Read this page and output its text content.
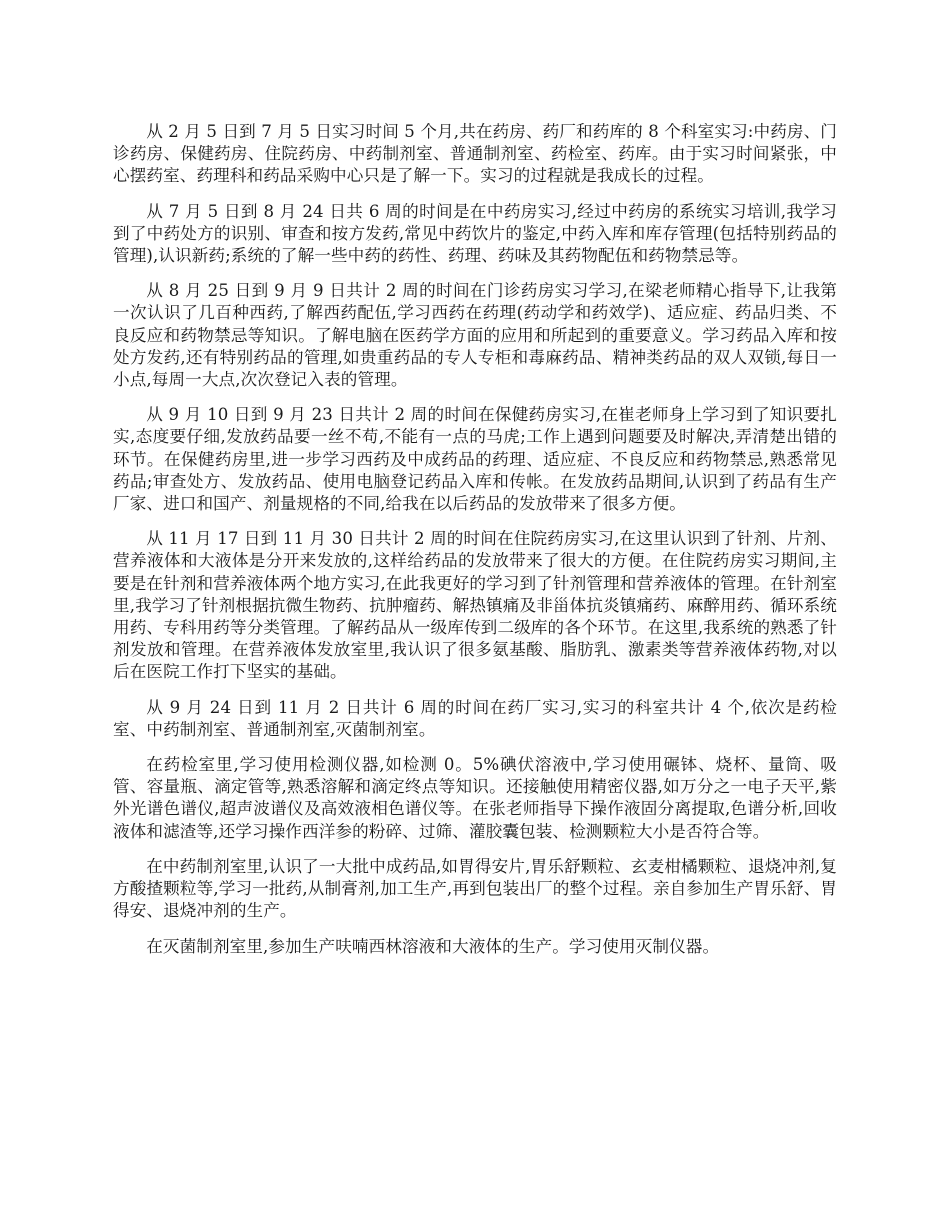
从 2 月 5 日到 7 月 5 日实习时间 5 个月,共在药房、药厂和药库的 8 个科室实习:中药房、门诊药房、保健药房、住院药房、中药制剂室、普通制剂室、药检室、药库。由于实习时间紧张，中心摆药室、药理科和药品采购中心只是了解一下。实习的过程就是我成长的过程。

从 7 月 5 日到 8 月 24 日共 6 周的时间是在中药房实习,经过中药房的系统实习培训,我学习到了中药处方的识别、审查和按方发药,常见中药饮片的鉴定,中药入库和库存管理(包括特别药品的管理),认识新药;系统的了解一些中药的药性、药理、药味及其药物配伍和药物禁忌等。

从 8 月 25 日到 9 月 9 日共计 2 周的时间在门诊药房实习学习,在梁老师精心指导下,让我第一次认识了几百种西药,了解西药配伍,学习西药在药理(药动学和药效学)、适应症、药品归类、不良反应和药物禁忌等知识。了解电脑在医药学方面的应用和所起到的重要意义。学习药品入库和按处方发药,还有特别药品的管理,如贵重药品的专人专柜和毒麻药品、精神类药品的双人双锁,每日一小点,每周一大点,次次登记入表的管理。

从 9 月 10 日到 9 月 23 日共计 2 周的时间在保健药房实习,在崔老师身上学习到了知识要扎实,态度要仔细,发放药品要一丝不苟,不能有一点的马虎;工作上遇到问题要及时解决,弄清楚出错的环节。在保健药房里,进一步学习西药及中成药品的药理、适应症、不良反应和药物禁忌,熟悉常见药品;审查处方、发放药品、使用电脑登记药品入库和传帐。在发放药品期间,认识到了药品有生产厂家、进口和国产、剂量规格的不同,给我在以后药品的发放带来了很多方便。

从 11 月 17 日到 11 月 30 日共计 2 周的时间在住院药房实习,在这里认识到了针剂、片剂、营养液体和大液体是分开来发放的,这样给药品的发放带来了很大的方便。在住院药房实习期间,主要是在针剂和营养液体两个地方实习,在此我更好的学习到了针剂管理和营养液体的管理。在针剂室里,我学习了针剂根据抗微生物药、抗肿瘤药、解热镇痛及非甾体抗炎镇痛药、麻醉用药、循环系统用药、专科用药等分类管理。了解药品从一级库传到二级库的各个环节。在这里,我系统的熟悉了针剂发放和管理。在营养液体发放室里,我认识了很多氨基酸、脂肪乳、激素类等营养液体药物,对以后在医院工作打下坚实的基础。

从 9 月 24 日到 11 月 2 日共计 6 周的时间在药厂实习,实习的科室共计 4 个,依次是药检室、中药制剂室、普通制剂室,灭菌制剂室。

在药检室里,学习使用检测仪器,如检测 0。5%碘伏溶液中,学习使用碾钵、烧杯、量筒、吸管、容量瓶、滴定管等,熟悉溶解和滴定终点等知识。还接触使用精密仪器,如万分之一电子天平,紫外光谱色谱仪,超声波谱仪及高效液相色谱仪等。在张老师指导下操作液固分离提取,色谱分析,回收液体和滤渣等,还学习操作西洋参的粉碎、过筛、灌胶囊包装、检测颗粒大小是否符合等。

在中药制剂室里,认识了一大批中成药品,如胃得安片,胃乐舒颗粒、玄麦柑橘颗粒、退烧冲剂,复方酸揸颗粒等,学习一批药,从制膏剂,加工生产,再到包装出厂的整个过程。亲自参加生产胃乐舒、胃得安、退烧冲剂的生产。

在灭菌制剂室里,参加生产呋喃西林溶液和大液体的生产。学习使用灭制仪器。
